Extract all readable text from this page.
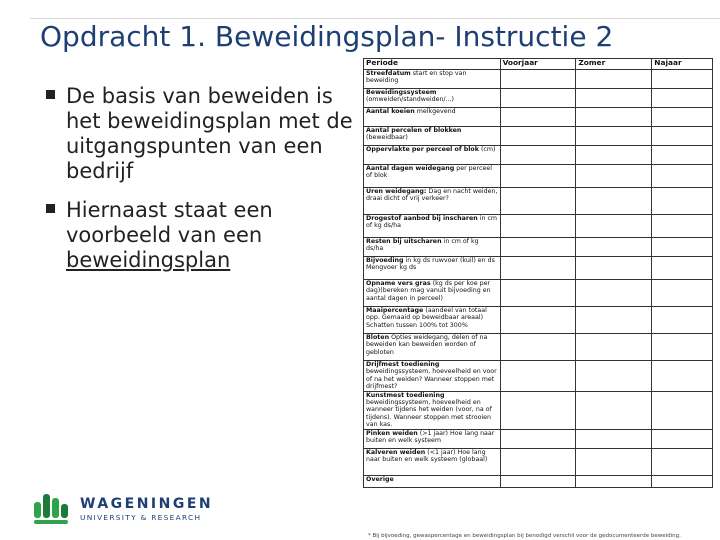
Opdracht 1. Beweidingsplan- Instructie 2
De basis van beweiden is het beweidingsplan met de uitgangspunten van een bedrijf
Hiernaast staat een voorbeeld van een beweidingsplan
Periode	Voorjaar	Zomer	Najaar
Streefdatum start en stop van beweiding			
Beweidingssysteem (omweiden/standweiden/...)			
Aantal koeien melkgevend			
Aantal percelen of blokken (beweidbaar)			
Oppervlakte per perceel of blok (cm)			
Aantal dagen weidegang per perceel of blok			
Uren weidegang: Dag en nacht weiden, draai dicht of vrij verkeer?			
Drogestof aanbod bij inscharen in cm of kg ds/ha			
Resten bij uitscharen in cm of kg ds/ha			
Bijvoeding in kg ds ruwvoer (kuil) en ds Mengvoer kg ds			
Opname vers gras (kg ds per koe per dag)(bereken mag vanuit bijvoeding en aantal dagen in perceel)			
Maaipercentage (aandeel van totaal opp. Gemaaid op beweidbaar areaal) Schatten tussen 100% tot 300%			
Bloten Opties weidegang, delen of na beweiden kan beweiden worden of gebloten			
Drijfmest toediening beweidingssysteem, hoeveelheid en voor of na het weiden? Wanneer stoppen met drijfmest?			
Kunstmest toediening beweidingssysteem, hoeveelheid en wanneer tijdens het weiden (voor, na of tijdens). Wanneer stoppen met strooien van kas.			
Pinken weiden (>1 jaar) Hoe lang naar buiten en welk systeem			
Kalveren weiden (<1 jaar) Hoe lang naar buiten en welk systeem (globaal)			
Overige			
* Bij bijvoeding, gewaspercentage en beweidingsplan bij benodigd verschil voor de gedocumenteerde beweiding.
WAGENINGEN
UNIVERSITY & RESEARCH
